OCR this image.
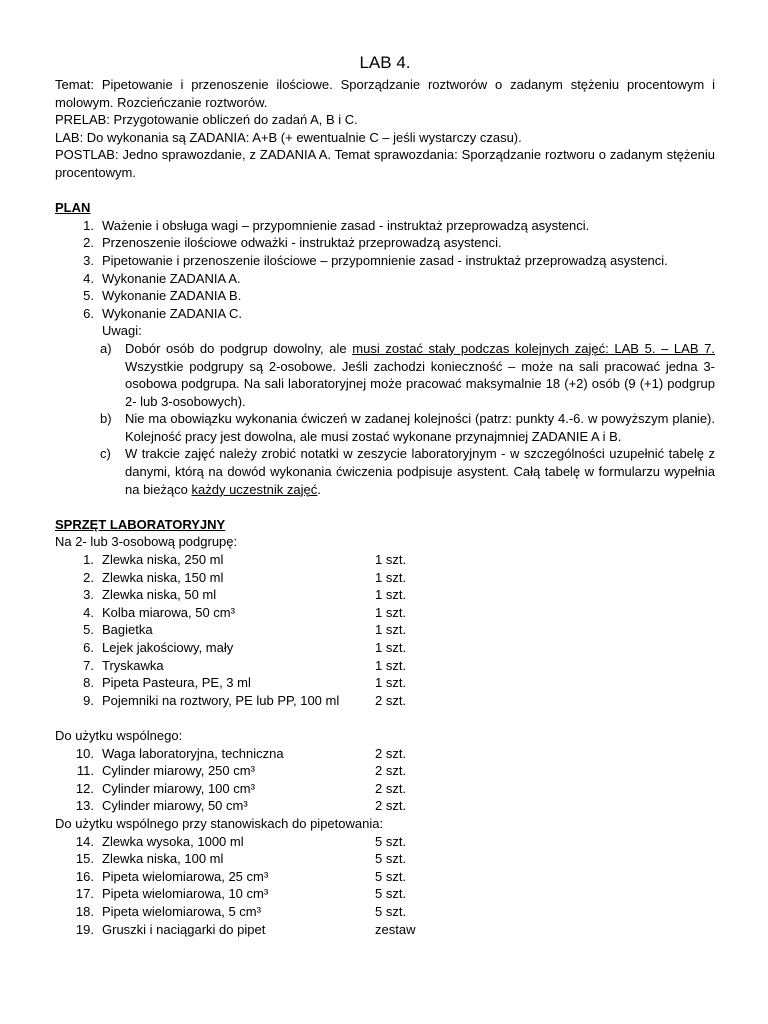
LAB 4.

Temat: Pipetowanie i przenoszenie ilościowe. Sporządzanie roztworów o zadanym stężeniu procentowym i molowym. Rozcieńczanie roztworów.

PRELAB: Przygotowanie obliczeń do zadań A, B i C.

LAB: Do wykonania są ZADANIA: A+B (+ ewentualnie C – jeśli wystarczy czasu).

POSTLAB: Jedno sprawozdanie, z ZADANIA A. Temat sprawozdania: Sporządzanie roztworu o zadanym stężeniu procentowym.

PLAN

1. Ważenie i obsługa wagi – przypomnienie zasad - instruktaż przeprowadzą asystenci.
2. Przenoszenie ilościowe odważki - instruktaż przeprowadzą asystenci.
3. Pipetowanie i przenoszenie ilościowe – przypomnienie zasad - instruktaż przeprowadzą asystenci.
4. Wykonanie ZADANIA A.
5. Wykonanie ZADANIA B.
6. Wykonanie ZADANIA C.
Uwagi:
a) Dobór osób do podgrup dowolny, ale musi zostać stały podczas kolejnych zajęć: LAB 5. – LAB 7. Wszystkie podgrupy są 2-osobowe. Jeśli zachodzi konieczność – może na sali pracować jedna 3-osobowa podgrupa. Na sali laboratoryjnej może pracować maksymalnie 18 (+2) osób (9 (+1) podgrup 2- lub 3-osobowych).
b) Nie ma obowiązku wykonania ćwiczeń w zadanej kolejności (patrz: punkty 4.-6. w powyższym planie). Kolejność pracy jest dowolna, ale musi zostać wykonane przynajmniej ZADANIE A i B.
c) W trakcie zajęć należy zrobić notatki w zeszycie laboratoryjnym - w szczególności uzupełnić tabelę z danymi, którą na dowód wykonania ćwiczenia podpisuje asystent. Całą tabelę w formularzu wypełnia na bieżąco każdy uczestnik zajęć.

SPRZĘT LABORATORYJNY

Na 2- lub 3-osobową podgrupę:

1. Zlewka niska, 250 ml	1 szt.
2. Zlewka niska, 150 ml	1 szt.
3. Zlewka niska, 50 ml	1 szt.
4. Kolba miarowa, 50 cm³	1 szt.
5. Bagietka	1 szt.
6. Lejek jakościowy, mały	1 szt.
7. Tryskawka	1 szt.
8. Pipeta Pasteura, PE, 3 ml	1 szt.
9. Pojemniki na roztwory, PE lub PP, 100 ml	2 szt.

Do użytku wspólnego:

10. Waga laboratoryjna, techniczna	2 szt.
11. Cylinder miarowy, 250 cm³	2 szt.
12. Cylinder miarowy, 100 cm³	2 szt.
13. Cylinder miarowy, 50 cm³	2 szt.

Do użytku wspólnego przy stanowiskach do pipetowania:

14. Zlewka wysoka, 1000 ml	5 szt.
15. Zlewka niska, 100 ml	5 szt.
16. Pipeta wielomiarowa, 25 cm³	5 szt.
17. Pipeta wielomiarowa, 10 cm³	5 szt.
18. Pipeta wielomiarowa, 5 cm³	5 szt.
19. Gruszki i naciągarki do pipet	zestaw
